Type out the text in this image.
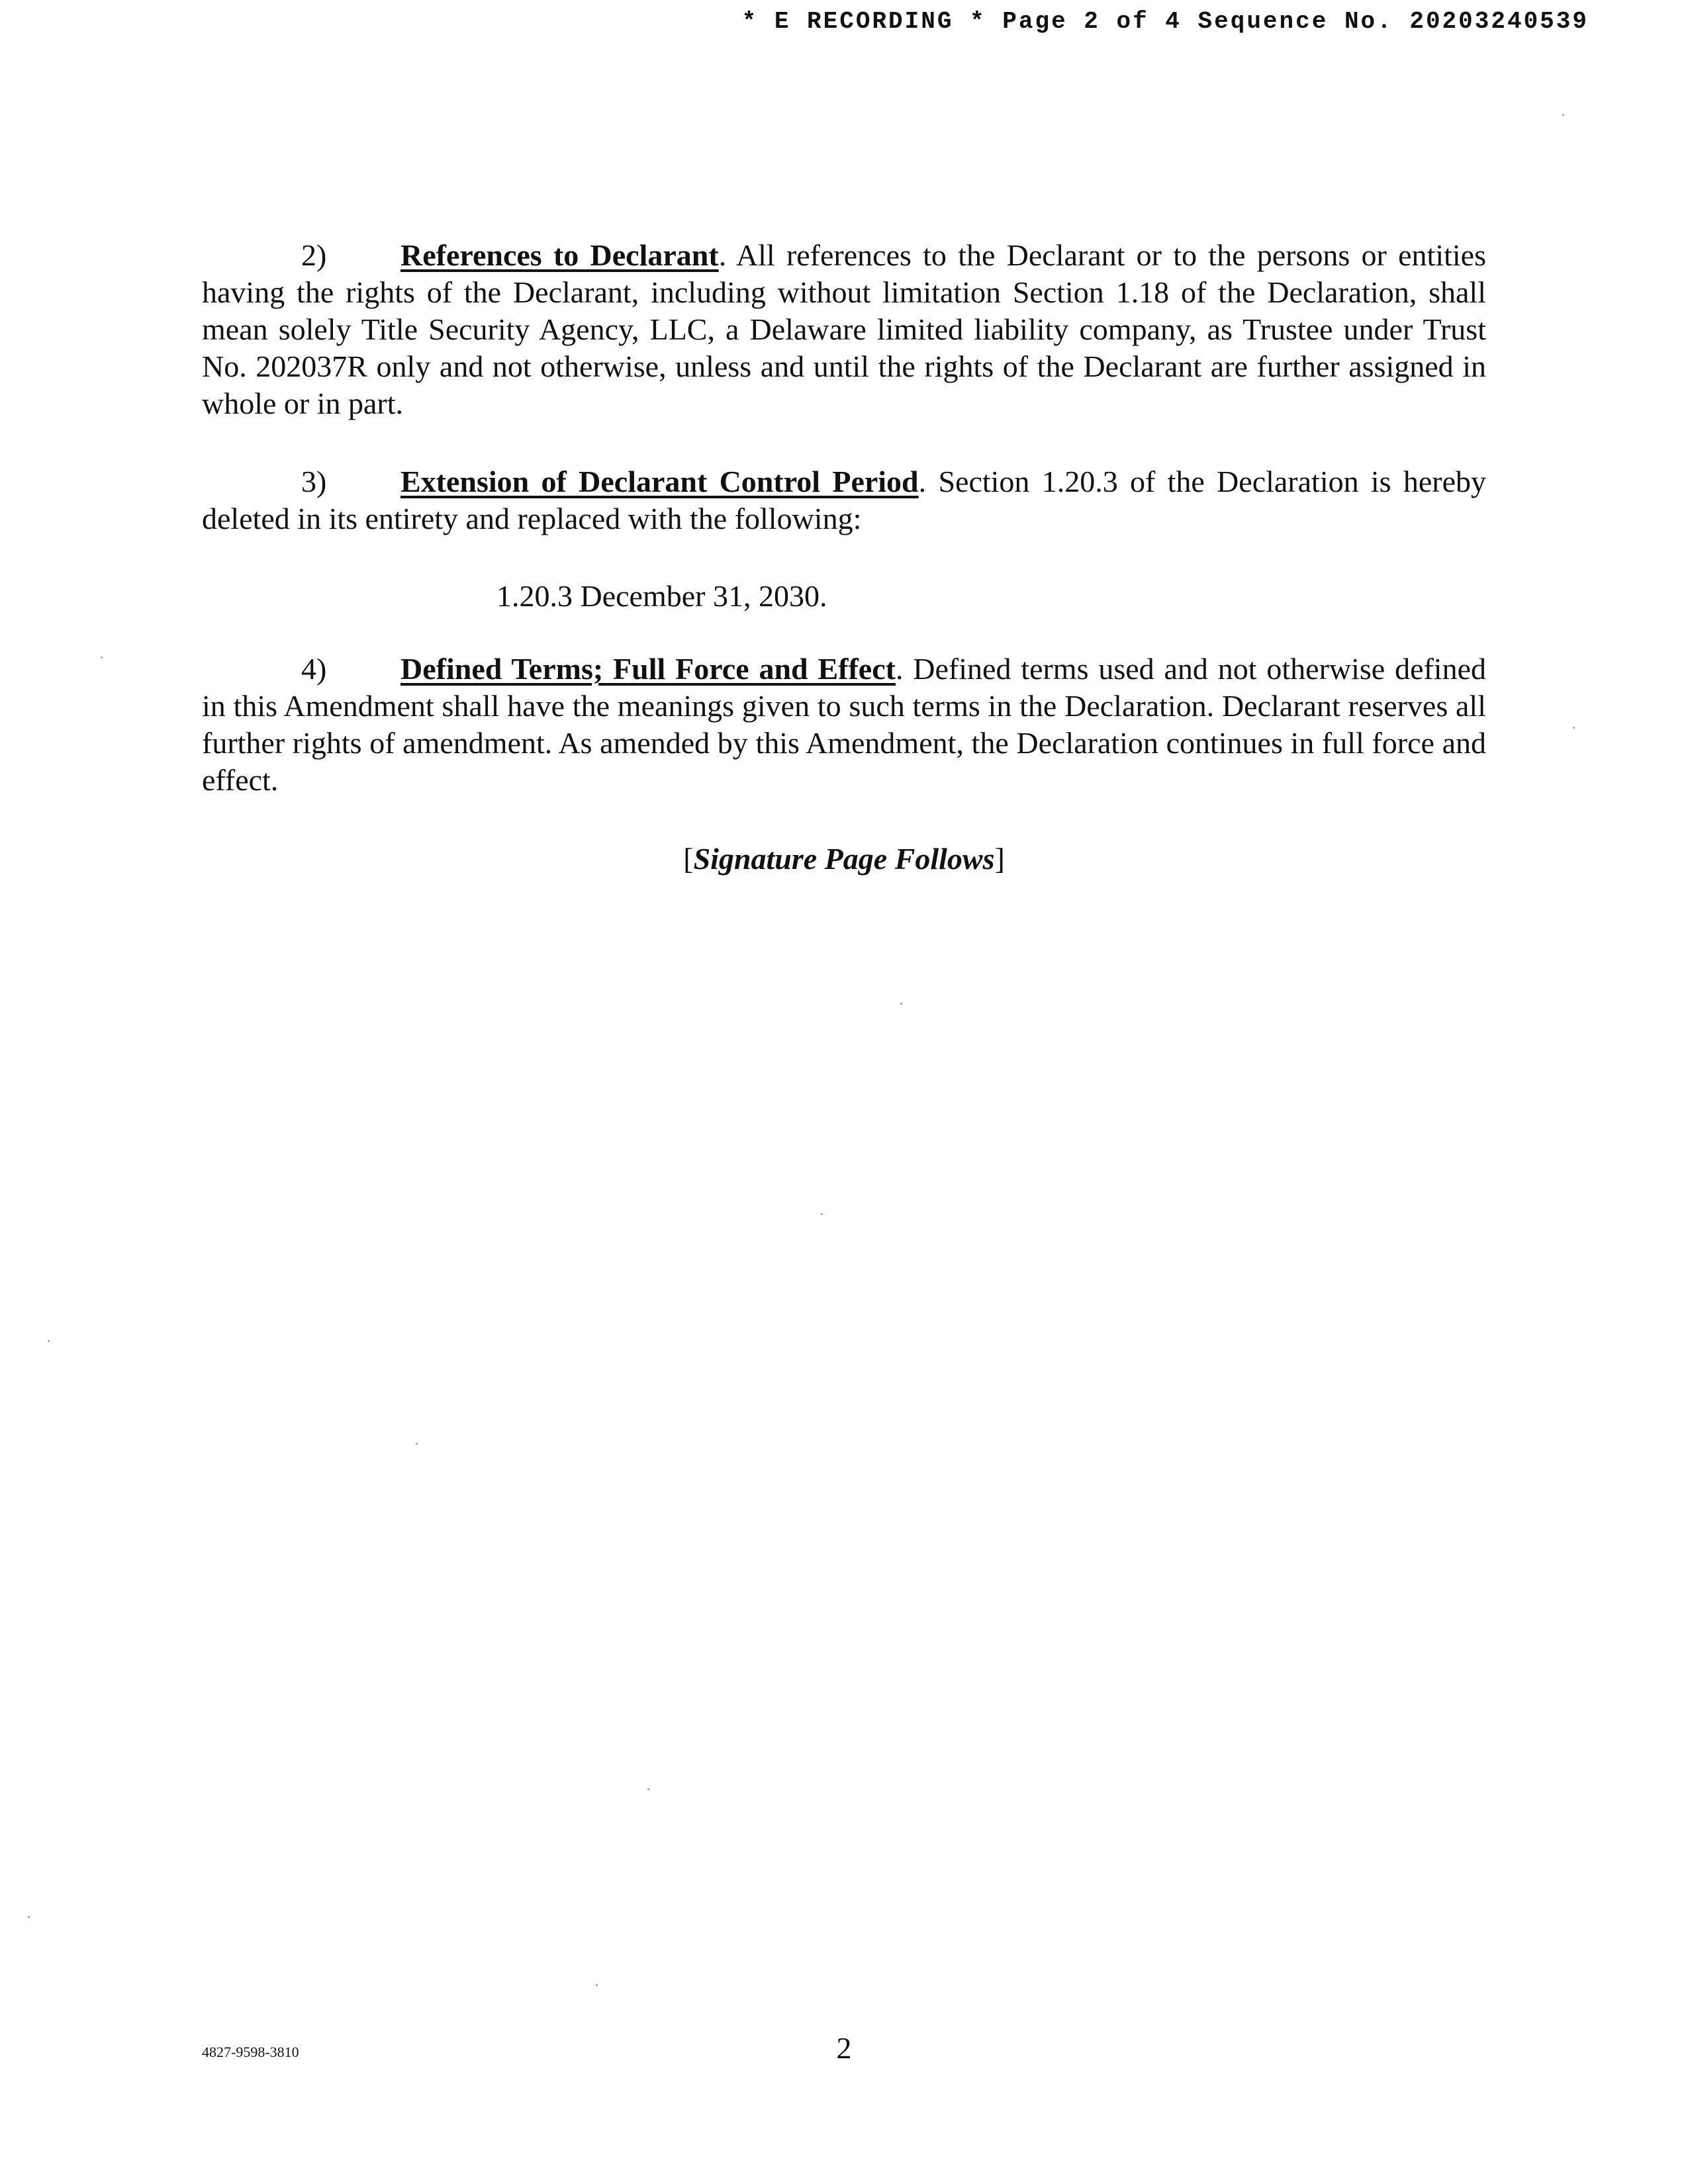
* E RECORDING * Page 2 of 4 Sequence No. 20203240539

2) References to Declarant. All references to the Declarant or to the persons or entities having the rights of the Declarant, including without limitation Section 1.18 of the Declaration, shall mean solely Title Security Agency, LLC, a Delaware limited liability company, as Trustee under Trust No. 202037R only and not otherwise, unless and until the rights of the Declarant are further assigned in whole or in part.

3) Extension of Declarant Control Period. Section 1.20.3 of the Declaration is hereby deleted in its entirety and replaced with the following:

1.20.3 December 31, 2030.

4) Defined Terms; Full Force and Effect. Defined terms used and not otherwise defined in this Amendment shall have the meanings given to such terms in the Declaration. Declarant reserves all further rights of amendment. As amended by this Amendment, the Declaration continues in full force and effect.

[Signature Page Follows]
4827-9598-3810	2
